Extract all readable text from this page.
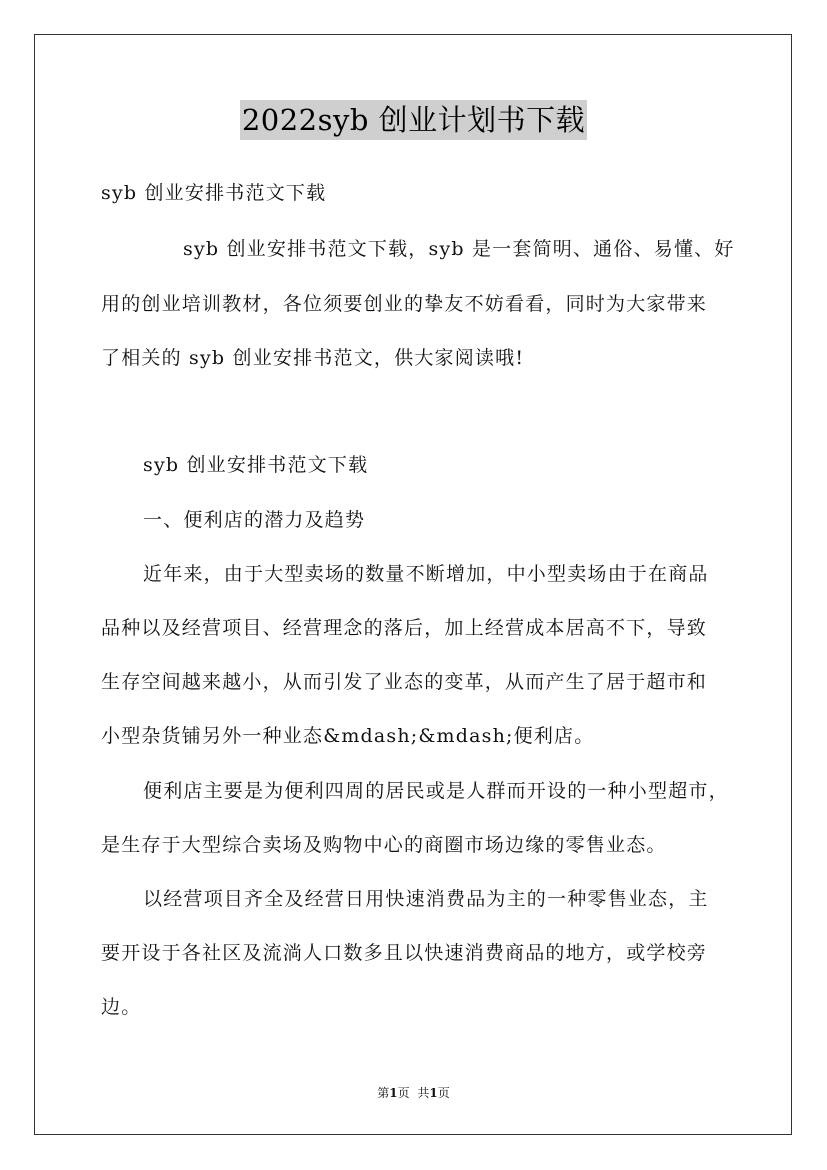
2022syb 创业计划书下载
syb 创业安排书范文下载
syb 创业安排书范文下载，syb 是一套简明、通俗、易懂、好
用的创业培训教材，各位须要创业的挚友不妨看看，同时为大家带来
了相关的 syb 创业安排书范文，供大家阅读哦!
syb 创业安排书范文下载
一、便利店的潜力及趋势
近年来，由于大型卖场的数量不断增加，中小型卖场由于在商品
品种以及经营项目、经营理念的落后，加上经营成本居高不下，导致
生存空间越来越小，从而引发了业态的变革，从而产生了居于超市和
小型杂货铺另外一种业态&mdash;&mdash;便利店。
便利店主要是为便利四周的居民或是人群而开设的一种小型超市，
是生存于大型综合卖场及购物中心的商圈市场边缘的零售业态。
以经营项目齐全及经营日用快速消费品为主的一种零售业态，主
要开设于各社区及流淌人口数多且以快速消费商品的地方，或学校旁
边。
第1页 共1页
